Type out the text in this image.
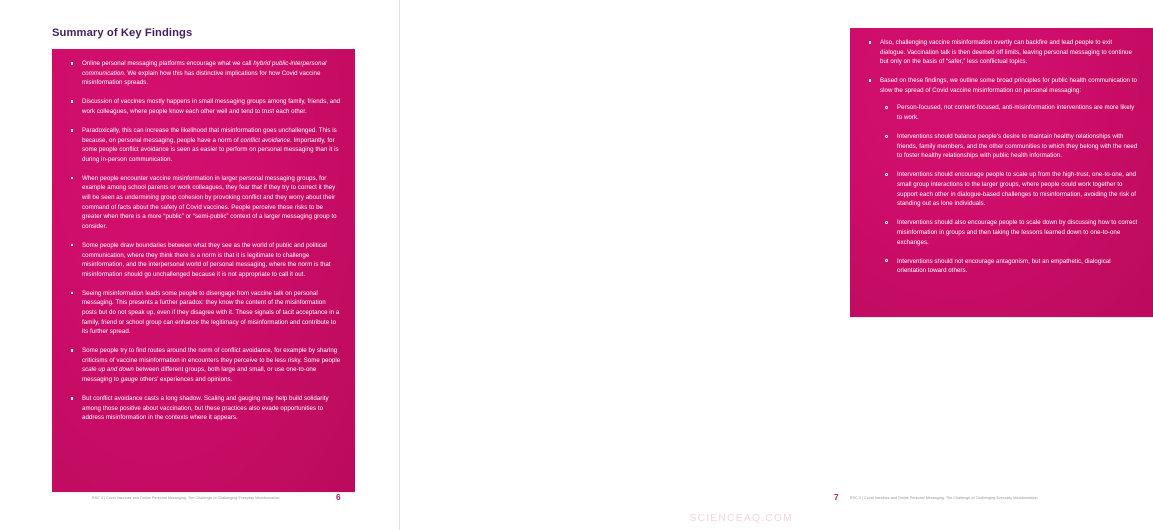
Summary of Key Findings
Online personal messaging platforms encourage what we call hybrid public-interpersonal communication. We explain how this has distinctive implications for how Covid vaccine misinformation spreads.
Discussion of vaccines mostly happens in small messaging groups among family, friends, and work colleagues, where people know each other well and tend to trust each other.
Paradoxically, this can increase the likelihood that misinformation goes unchallenged. This is because, on personal messaging, people have a norm of conflict avoidance. Importantly, for some people conflict avoidance is seen as easier to perform on personal messaging than it is during in-person communication.
When people encounter vaccine misinformation in larger personal messaging groups, for example among school parents or work colleagues, they fear that if they try to correct it they will be seen as undermining group cohesion by provoking conflict and they worry about their command of facts about the safety of Covid vaccines. People perceive these risks to be greater when there is a more “public” or “semi-public” context of a larger messaging group to consider.
Some people draw boundaries between what they see as the world of public and political communication, where they think there is a norm is that it is legitimate to challenge misinformation, and the interpersonal world of personal messaging, where the norm is that misinformation should go unchallenged because it is not appropriate to call it out.
Seeing misinformation leads some people to disengage from vaccine talk on personal messaging. This presents a further paradox: they know the content of the misinformation posts but do not speak up, even if they disagree with it. These signals of tacit acceptance in a family, friend or school group can enhance the legitimacy of misinformation and contribute to its further spread.
Some people try to find routes around the norm of conflict avoidance, for example by sharing criticisms of vaccine misinformation in encounters they perceive to be less risky. Some people scale up and down between different groups, both large and small, or use one-to-one messaging to gauge others’ experiences and opinions.
But conflict avoidance casts a long shadow. Scaling and gauging may help build solidarity among those positive about vaccination, but these practices also evade opportunities to address misinformation in the contexts where it appears.
RSC 3 | Covid Vaccines and Online Personal Messaging: The Challenge of Challenging Everyday Misinformation	6
Also, challenging vaccine misinformation overtly can backfire and lead people to exit dialogue. Vaccination talk is then deemed off limits, leaving personal messaging to continue but only on the basis of “safer,” less conflictual topics.
Based on these findings, we outline some broad principles for public health communication to slow the spread of Covid vaccine misinformation on personal messaging:
Person-focused, not content-focused, anti-misinformation interventions are more likely to work.
Interventions should balance people’s desire to maintain healthy relationships with friends, family members, and the other communities to which they belong with the need to foster healthy relationships with public health information.
Interventions should encourage people to scale up from the high-trust, one-to-one, and small group interactions to the larger groups, where people could work together to support each other in dialogue-based challenges to misinformation, avoiding the risk of standing out as lone individuals.
Interventions should also encourage people to scale down by discussing how to correct misinformation in groups and then taking the lessons learned down to one-to-one exchanges.
Interventions should not encourage antagonism, but an empathetic, dialogical orientation toward others.
7	RSC 3 | Covid Vaccines and Online Personal Messaging: The Challenge of Challenging Everyday Misinformation
SCIENCEAQ.COM
